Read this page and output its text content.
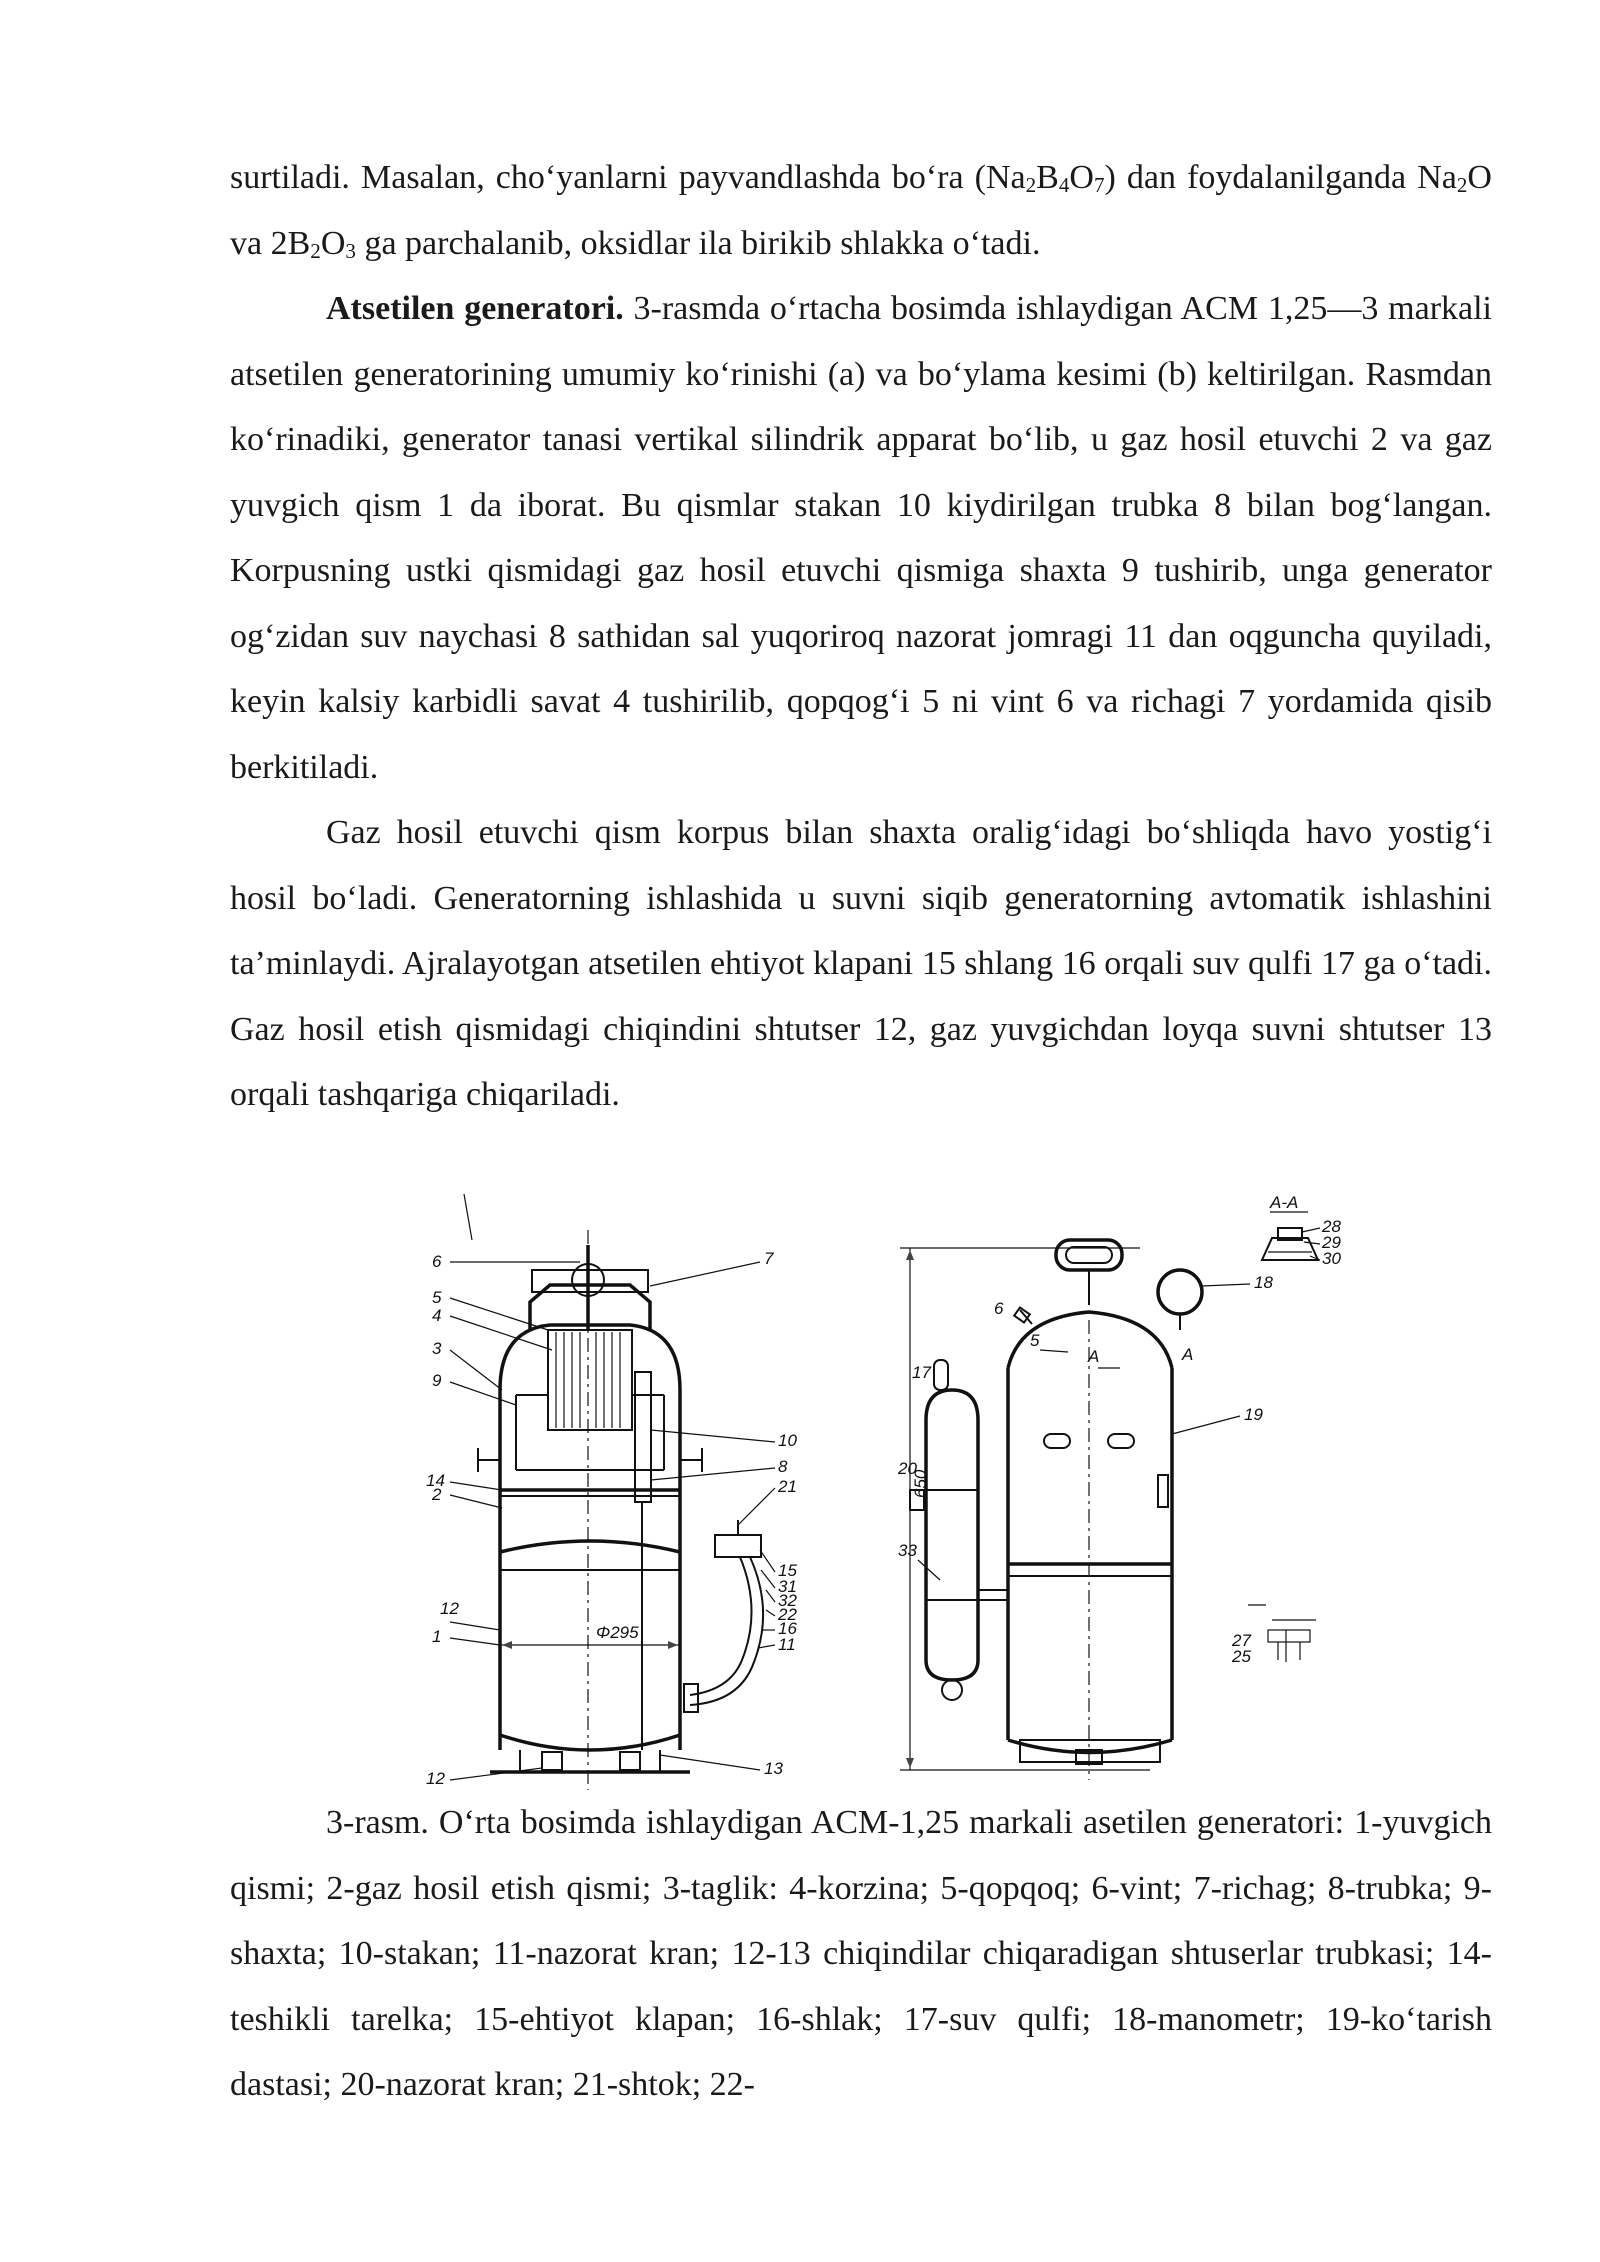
surtiladi. Masalan, cho‘yanlarni payvandlashda bo‘ra $(Na_2B_4O_7)$ dan foydalanilganda $Na_2O$ va $2B_2O_3$ ga parchalanib, oksidlar ila birikib shlakka o‘tadi.

Atsetilen generatori. 3-rasmda o‘rtacha bosimda ishlaydigan ACM 1,25—3 markali atsetilen generatorining umumiy ko‘rinishi (a) va bo‘ylama kesimi (b) keltirilgan. Rasmdan ko‘rinadiki, generator tanasi vertikal silindrik apparat bo‘lib, u gaz hosil etuvchi 2 va gaz yuvgich qism 1 da iborat. Bu qismlar stakan 10 kiydirilgan trubka 8 bilan bog‘langan. Korpusning ustki qismidagi gaz hosil etuvchi qismiga shaxta 9 tushirib, unga generator og‘zidan suv naychasi 8 sathidan sal yuqoriroq nazorat jomragi 11 dan oqguncha quyiladi, keyin kalsiy karbidli savat 4 tushirilib, qopqog‘i 5 ni vint 6 va richagi 7 yordamida qisib berkitiladi.

Gaz hosil etuvchi qism korpus bilan shaxta oralig‘idagi bo‘shliqda havo yostig‘i hosil bo‘ladi. Generatorning ishlashida u suvni siqib generatorning avtomatik ishlashini ta’minlaydi. Ajralayotgan atsetilen ehtiyot klapani 15 shlang 16 orqali suv qulfi 17 ga o‘tadi. Gaz hosil etish qismidagi chiqindini shtutser 12, gaz yuvgichdan loyqa suvni shtutser 13 orqali tashqariga chiqariladi.

6
5
4
3
9
14
2
12
1
12
7
10
8
21
15
31
32
22
16
11
13
Φ295
A-A
28
29
30
650
18
6
5
A	A
19
17
20
33
27
25

3-rasm. O‘rta bosimda ishlaydigan ACM-1,25 markali asetilen generatori: 1-yuvgich qismi; 2-gaz hosil etish qismi; 3-taglik: 4-korzina; 5-qopqoq; 6-vint; 7-richag; 8-trubka; 9-shaxta; 10-stakan; 11-nazorat kran; 12-13 chiqindilar chiqaradigan shtuserlar trubkasi; 14-teshikli tarelka; 15-ehtiyot klapan; 16-shlak; 17-suv qulfi; 18-manometr; 19-ko‘tarish dastasi; 20-nazorat kran; 21-shtok; 22-
